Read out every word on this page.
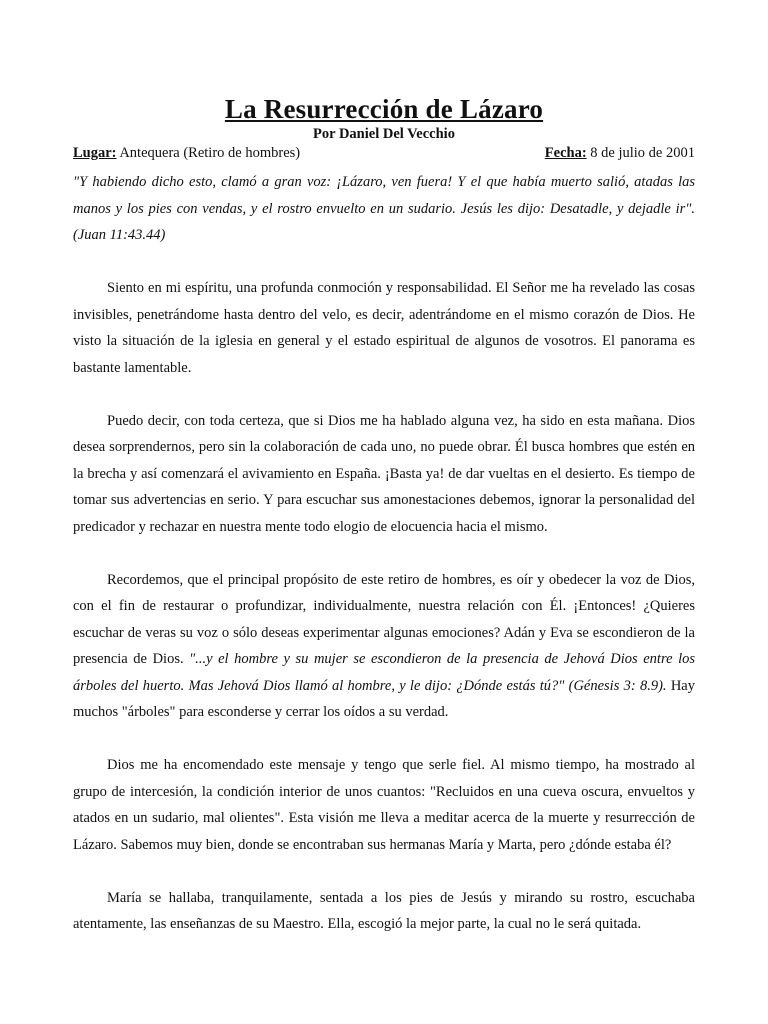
La Resurrección de Lázaro
Por Daniel Del Vecchio
Lugar: Antequera (Retiro de hombres)	Fecha: 8 de julio de 2001
"Y habiendo dicho esto, clamó a gran voz: ¡Lázaro, ven fuera! Y el que había muerto salió, atadas las manos y los pies con vendas, y el rostro envuelto en un sudario. Jesús les dijo: Desatadle, y dejadle ir". (Juan 11:43.44)

Siento en mi espíritu, una profunda conmoción y responsabilidad. El Señor me ha revelado las cosas invisibles, penetrándome hasta dentro del velo, es decir, adentrándome en el mismo corazón de Dios. He visto la situación de la iglesia en general y el estado espiritual de algunos de vosotros. El panorama es bastante lamentable.

Puedo decir, con toda certeza, que si Dios me ha hablado alguna vez, ha sido en esta mañana. Dios desea sorprendernos, pero sin la colaboración de cada uno, no puede obrar. Él busca hombres que estén en la brecha y así comenzará el avivamiento en España. ¡Basta ya! de dar vueltas en el desierto. Es tiempo de tomar sus advertencias en serio. Y para escuchar sus amonestaciones debemos, ignorar la personalidad del predicador y rechazar en nuestra mente todo elogio de elocuencia hacia el mismo.

Recordemos, que el principal propósito de este retiro de hombres, es oír y obedecer la voz de Dios, con el fin de restaurar o profundizar, individualmente, nuestra relación con Él. ¡Entonces! ¿Quieres escuchar de veras su voz o sólo deseas experimentar algunas emociones? Adán y Eva se escondieron de la presencia de Dios. "...y el hombre y su mujer se escondieron de la presencia de Jehová Dios entre los árboles del huerto. Mas Jehová Dios llamó al hombre, y le dijo: ¿Dónde estás tú?" (Génesis 3: 8.9). Hay muchos "árboles" para esconderse y cerrar los oídos a su verdad.

Dios me ha encomendado este mensaje y tengo que serle fiel. Al mismo tiempo, ha mostrado al grupo de intercesión, la condición interior de unos cuantos: "Recluidos en una cueva oscura, envueltos y atados en un sudario, mal olientes". Esta visión me lleva a meditar acerca de la muerte y resurrección de Lázaro. Sabemos muy bien, donde se encontraban sus hermanas María y Marta, pero ¿dónde estaba él?

María se hallaba, tranquilamente, sentada a los pies de Jesús y mirando su rostro, escuchaba atentamente, las enseñanzas de su Maestro. Ella, escogió la mejor parte, la cual no le será quitada.
